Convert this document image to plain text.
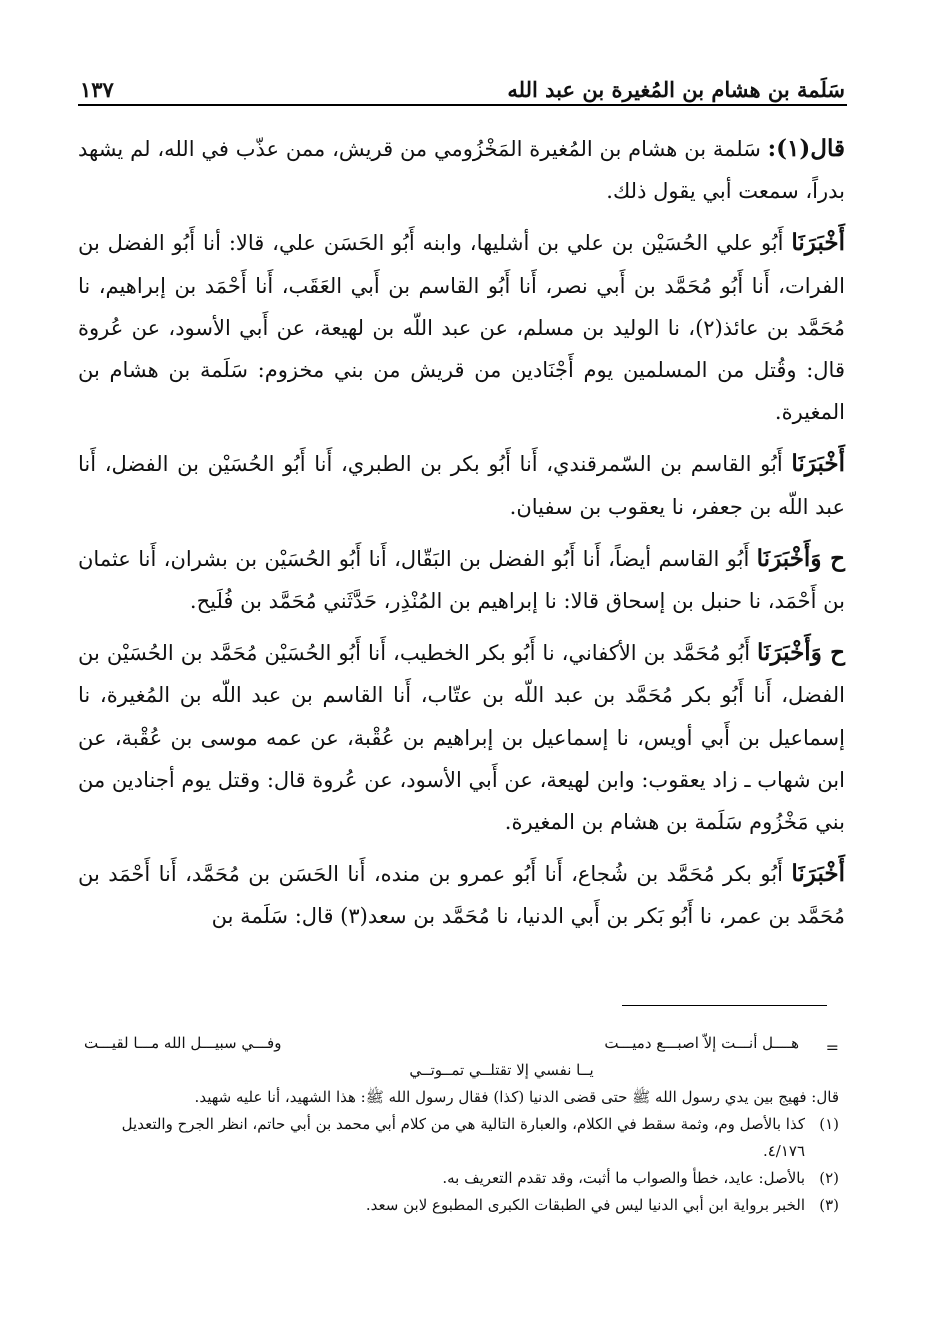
سَلَمة بن هشام بن المُغيرة بن عبد الله
١٣٧

قال(١): سَلمة بن هشام بن المُغيرة المَخْزُومي من قريش، ممن عذّب في الله، لم يشهد بدراً، سمعت أبي يقول ذلك.

أَخْبَرَنَا أَبُو علي الحُسَيْن بن علي بن أشليها، وابنه أَبُو الحَسَن علي، قالا: أنا أَبُو الفضل بن الفرات، أَنا أَبُو مُحَمَّد بن أَبي نصر، أَنا أَبُو القاسم بن أَبي العَقَب، أَنا أَحْمَد بن إبراهيم، نا مُحَمَّد بن عائذ(٢)، نا الوليد بن مسلم، عن عبد اللّه بن لهيعة، عن أَبي الأسود، عن عُروة قال: وقُتل من المسلمين يوم أَجْنَادين من قريش من بني مخزوم: سَلَمة بن هشام بن المغيرة.

أَخْبَرَنَا أَبُو القاسم بن السّمرقندي، أَنا أَبُو بكر بن الطبري، أَنا أَبُو الحُسَيْن بن الفضل، أَنا عبد اللّه بن جعفر، نا يعقوب بن سفيان.

ح وَأَخْبَرَنَا أَبُو القاسم أيضاً، أَنا أَبُو الفضل بن البَقّال، أَنا أَبُو الحُسَيْن بن بشران، أَنا عثمان بن أَحْمَد، نا حنبل بن إسحاق قالا: نا إبراهيم بن المُنْذِر، حَدَّثَني مُحَمَّد بن فُلَيح.

ح وَأَخْبَرَنَا أَبُو مُحَمَّد بن الأكفاني، نا أَبُو بكر الخطيب، أَنا أَبُو الحُسَيْن مُحَمَّد بن الحُسَيْن بن الفضل، أَنا أَبُو بكر مُحَمَّد بن عبد اللّه بن عتّاب، أَنا القاسم بن عبد اللّه بن المُغيرة، نا إسماعيل بن أَبي أويس، نا إسماعيل بن إبراهيم بن عُقْبة، عن عمه موسى بن عُقْبة، عن ابن شهاب ـ زاد يعقوب: وابن لهيعة، عن أَبي الأسود، عن عُروة قال: وقتل يوم أجنادين من بني مَخْزُوم سَلَمة بن هشام بن المغيرة.

أَخْبَرَنَا أَبُو بكر مُحَمَّد بن شُجاع، أَنا أَبُو عمرو بن منده، أَنا الحَسَن بن مُحَمَّد، أَنا أَحْمَد بن مُحَمَّد بن عمر، نا أَبُو بَكر بن أَبي الدنيا، نا مُحَمَّد بن سعد(٣) قال: سَلَمة بن

=
هــــل أنـــت إلاّ اصبـــع دميـــت
وفـــي سبيـــل الله مـــا لقيـــت
يــا نفسي إلا تقتلــي تمــوتــي

قال: فهيج بين يدي رسول الله ﷺ حتى قضى الدنيا (كذا) فقال رسول الله ﷺ: هذا الشهيد، أنا عليه شهيد.

(١)
كذا بالأصل وم، وثمة سقط في الكلام، والعبارة التالية هي من كلام أبي محمد بن أبي حاتم، انظر الجرح والتعديل ٤/١٧٦.
(٢)
بالأصل: عايد، خطأ والصواب ما أثبت، وقد تقدم التعريف به.
(٣)
الخبر برواية ابن أبي الدنيا ليس في الطبقات الكبرى المطبوع لابن سعد.
